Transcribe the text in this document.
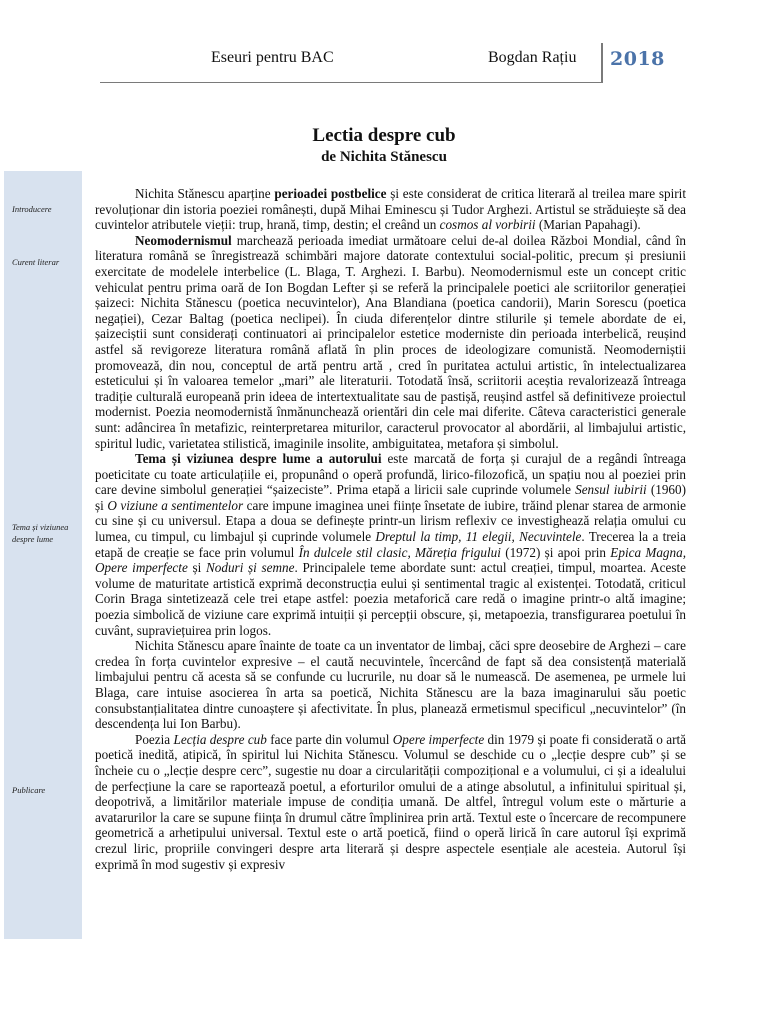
Eseuri pentru BAC	Bogdan Rațiu 2018
Lectia despre cub
de Nichita Stănescu
Introducere
Curent literar
Tema și viziunea despre lume
Publicare

Nichita Stănescu aparține perioadei postbelice și este considerat de critica literară al treilea mare spirit revoluționar din istoria poeziei românești, după Mihai Eminescu și Tudor Arghezi. Artistul se străduiește să dea cuvintelor atributele vieții: trup, hrană, timp, destin; el creând un cosmos al vorbirii (Marian Papahagi).

Neomodernismul marchează perioada imediat următoare celui de-al doilea Război Mondial, când în literatura română se înregistrează schimbări majore datorate contextului social-politic, precum și presiunii exercitate de modelele interbelice (L. Blaga, T. Arghezi. I. Barbu). Neomodernismul este un concept critic vehiculat pentru prima oară de Ion Bogdan Lefter și se referă la principalele poetici ale scriitorilor generației șaizeci: Nichita Stănescu (poetica necuvintelor), Ana Blandiana (poetica candorii), Marin Sorescu (poetica negației), Cezar Baltag (poetica neclipei). În ciuda diferențelor dintre stilurile și temele abordate de ei, șaizeciștii sunt considerați continuatori ai principalelor estetice moderniste din perioada interbelică, reușind astfel să revigoreze literatura română aflată în plin proces de ideologizare comunistă. Neomoderniștii promovează, din nou, conceptul de artă pentru artă , cred în puritatea actului artistic, în intelectualizarea esteticului și în valoarea temelor „mari” ale literaturii. Totodată însă, scriitorii aceștia revalorizează întreaga tradiție culturală europeană prin ideea de intertextualitate sau de pastișă, reușind astfel să definitiveze proiectul modernist. Poezia neomodernistă înmănunchează orientări din cele mai diferite. Câteva caracteristici generale sunt: adâncirea în metafizic, reinterpretarea miturilor, caracterul provocator al abordării, al limbajului artistic, spiritul ludic, varietatea stilistică, imaginile insolite, ambiguitatea, metafora și simbolul.

Tema și viziunea despre lume a autorului este marcată de forța și curajul de a regândi întreaga poeticitate cu toate articulațiile ei, propunând o operă profundă, lirico-filozofică, un spațiu nou al poeziei prin care devine simbolul generației “șaizeciste”. Prima etapă a liricii sale cuprinde volumele Sensul iubirii (1960) și O viziune a sentimentelor care impune imaginea unei ființe însetate de iubire, trăind plenar starea de armonie cu sine și cu universul. Etapa a doua se definește printr-un lirism reflexiv ce investighează relația omului cu lumea, cu timpul, cu limbajul și cuprinde volumele Dreptul la timp, 11 elegii, Necuvintele. Trecerea la a treia etapă de creație se face prin volumul În dulcele stil clasic, Măreția frigului (1972) și apoi prin Epica Magna, Opere imperfecte și Noduri și semne. Principalele teme abordate sunt: actul creației, timpul, moartea. Aceste volume de maturitate artistică exprimă deconstrucția eului și sentimental tragic al existenței. Totodată, criticul Corin Braga sintetizează cele trei etape astfel: poezia metaforică care redă o imagine printr-o altă imagine; poezia simbolică de viziune care exprimă intuiții și percepții obscure, și, metapoezia, transfigurarea poetului în cuvânt, supraviețuirea prin logos.

Nichita Stănescu apare înainte de toate ca un inventator de limbaj, căci spre deosebire de Arghezi – care credea în forța cuvintelor expresive – el caută necuvintele, încercând de fapt să dea consistență materială limbajului pentru că acesta să se confunde cu lucrurile, nu doar să le numească. De asemenea, pe urmele lui Blaga, care intuise asocierea în arta sa poetică, Nichita Stănescu are la baza imaginarului său poetic consubstanțialitatea dintre cunoaștere și afectivitate. În plus, planează ermetismul specificul „necuvintelor” (în descendența lui Ion Barbu).

Poezia Lecția despre cub face parte din volumul Opere imperfecte din 1979 și poate fi considerată o artă poetică inedită, atipică, în spiritul lui Nichita Stănescu. Volumul se deschide cu o „lecție despre cub” și se încheie cu o „lecție despre cerc”, sugestie nu doar a circularității compozițional e a volumului, ci și a idealului de perfecțiune la care se raportează poetul, a eforturilor omului de a atinge absolutul, a infinitului spiritual și, deopotrivă, a limitărilor materiale impuse de condiția umană. De altfel, întregul volum este o mărturie a avatarurilor la care se supune ființa în drumul către împlinirea prin artă. Textul este o încercare de recompunere geometrică a arhetipului universal. Textul este o artă poetică, fiind o operă lirică în care autorul își exprimă crezul liric, propriile convingeri despre arta literară și despre aspectele esențiale ale acesteia. Autorul își exprimă în mod sugestiv și expresiv
